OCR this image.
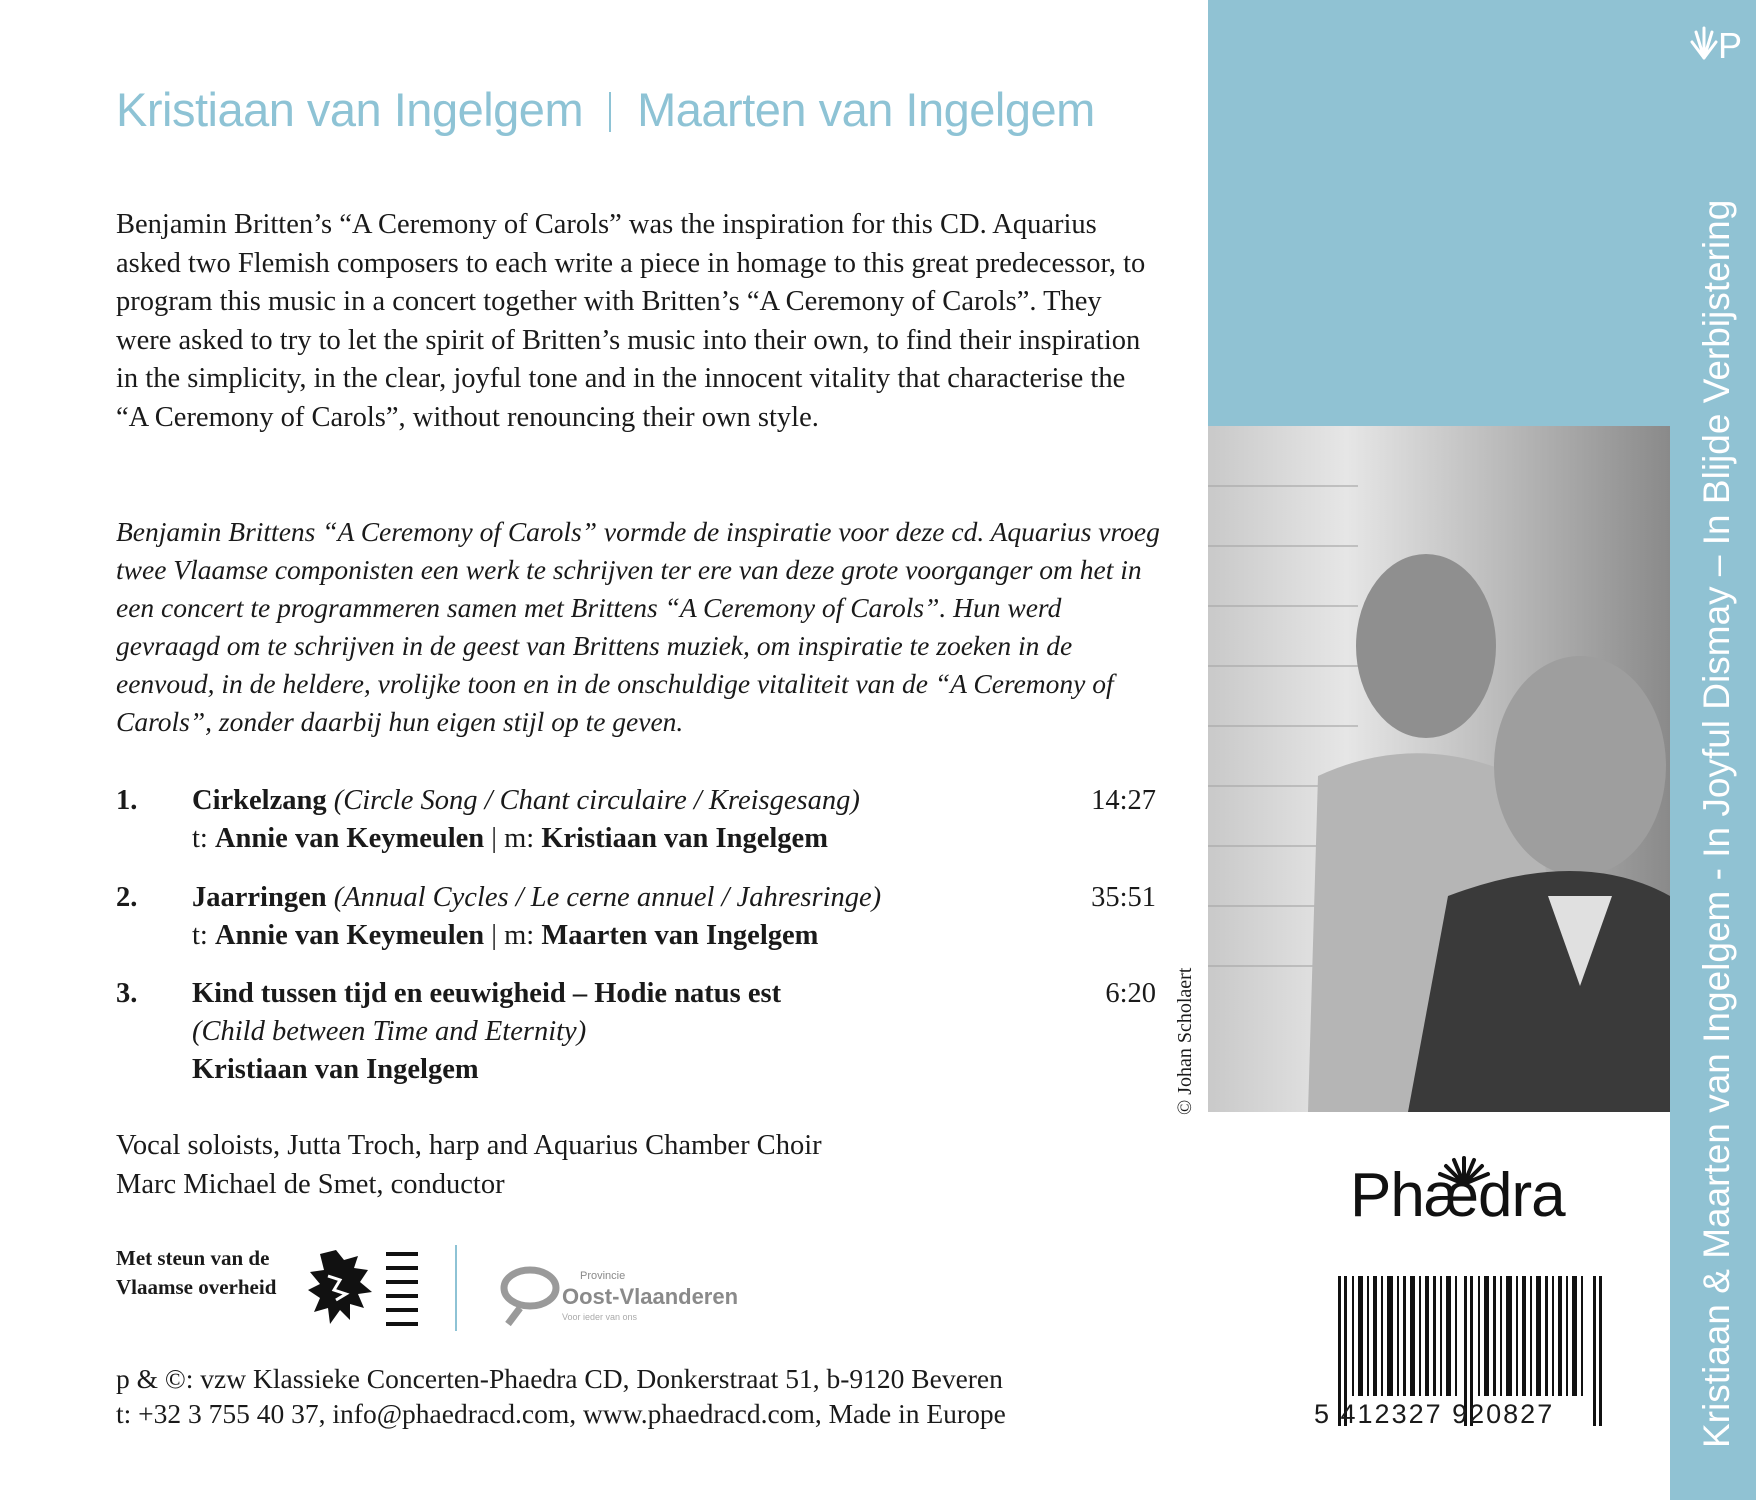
Kristiaan van Ingelgem Maarten van Ingelgem

Benjamin Britten’s “A Ceremony of Carols” was the inspiration for this CD. Aquarius asked two Flemish composers to each write a piece in homage to this great predecessor, to program this music in a concert together with Britten’s “A Ceremony of Carols”. They were asked to try to let the spirit of Britten’s music into their own, to find their inspiration in the simplicity, in the clear, joyful tone and in the innocent vitality that characterise the “A Ceremony of Carols”, without renouncing their own style.

Benjamin Brittens “A Ceremony of Carols” vormde de inspiratie voor deze cd. Aquarius vroeg twee Vlaamse componisten een werk te schrijven ter ere van deze grote voorganger om het in een concert te programmeren samen met Brittens “A Ceremony of Carols”. Hun werd gevraagd om te schrijven in de geest van Brittens muziek, om inspiratie te zoeken in de eenvoud, in de heldere, vrolijke toon en in de onschuldige vitaliteit van de “A Ceremony of Carols”, zonder daarbij hun eigen stijl op te geven.

1. Cirkelzang (Circle Song / Chant circulaire / Kreisgesang)
t: Annie van Keymeulen | m: Kristiaan van Ingelgem
14:27
2. Jaarringen (Annual Cycles / Le cerne annuel / Jahresringe)
t: Annie van Keymeulen | m: Maarten van Ingelgem
35:51
3. Kind tussen tijd en eeuwigheid – Hodie natus est
(Child between Time and Eternity)
Kristiaan van Ingelgem
6:20
Vocal soloists, Jutta Troch, harp and Aquarius Chamber Choir
Marc Michael de Smet, conductor
Met steun van de
Vlaamse overheid	Provincie
Oost-Vlaanderen
Voor ieder van ons
p & ©: vzw Klassieke Concerten-Phaedra CD, Donkerstraat 51, b-9120 Beveren
t: +32 3 755 40 37, info@phaedracd.com, www.phaedracd.com, Made in Europe
© Johan Scholaert
Phædra
5 412327 920827	Kristiaan & Maarten van Ingelgem - In Joyful Dismay – In Blijde Verbijstering
P
